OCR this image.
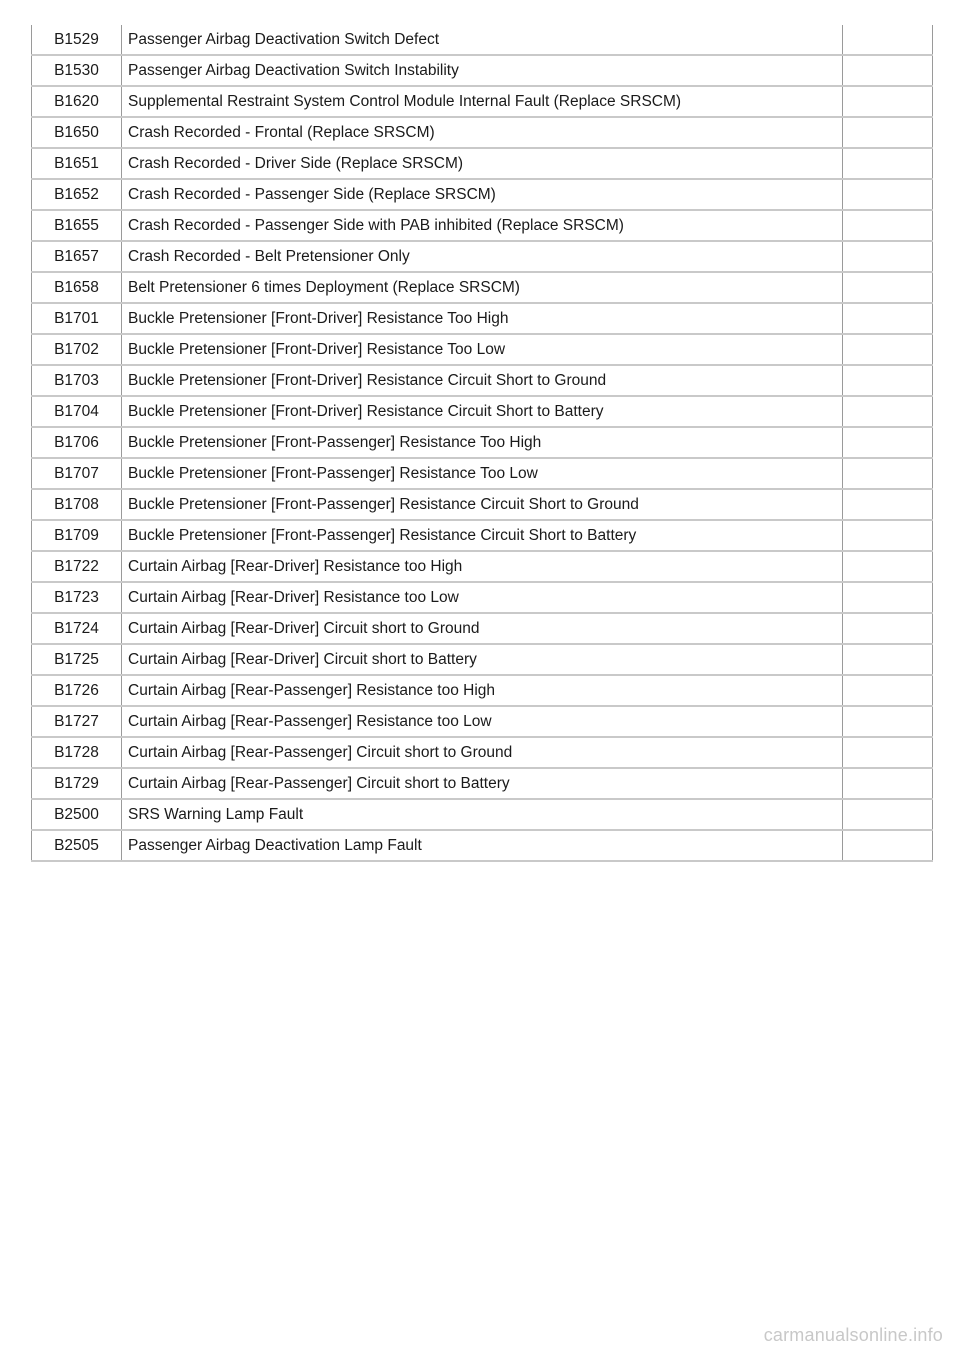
B1529	Passenger Airbag Deactivation Switch Defect	
B1530	Passenger Airbag Deactivation Switch Instability	
B1620	Supplemental Restraint System Control Module Internal Fault (Replace SRSCM)	
B1650	Crash Recorded - Frontal (Replace SRSCM)	
B1651	Crash Recorded - Driver Side (Replace SRSCM)	
B1652	Crash Recorded - Passenger Side (Replace SRSCM)	
B1655	Crash Recorded - Passenger Side with PAB inhibited (Replace SRSCM)	
B1657	Crash Recorded - Belt Pretensioner Only	
B1658	Belt Pretensioner 6 times Deployment (Replace SRSCM)	
B1701	Buckle Pretensioner [Front-Driver] Resistance Too High	
B1702	Buckle Pretensioner [Front-Driver] Resistance Too Low	
B1703	Buckle Pretensioner [Front-Driver] Resistance Circuit Short to Ground	
B1704	Buckle Pretensioner [Front-Driver] Resistance Circuit Short to Battery	
B1706	Buckle Pretensioner [Front-Passenger] Resistance Too High	
B1707	Buckle Pretensioner [Front-Passenger] Resistance Too Low	
B1708	Buckle Pretensioner [Front-Passenger] Resistance Circuit Short to Ground	
B1709	Buckle Pretensioner [Front-Passenger] Resistance Circuit Short to Battery	
B1722	Curtain Airbag [Rear-Driver] Resistance too High	
B1723	Curtain Airbag [Rear-Driver] Resistance too Low	
B1724	Curtain Airbag [Rear-Driver] Circuit short to Ground	
B1725	Curtain Airbag [Rear-Driver] Circuit short to Battery	
B1726	Curtain Airbag [Rear-Passenger] Resistance too High	
B1727	Curtain Airbag [Rear-Passenger] Resistance too Low	
B1728	Curtain Airbag [Rear-Passenger] Circuit short to Ground	
B1729	Curtain Airbag [Rear-Passenger] Circuit short to Battery	
B2500	SRS Warning Lamp Fault	
B2505	Passenger Airbag Deactivation Lamp Fault	
carmanualsonline.info
